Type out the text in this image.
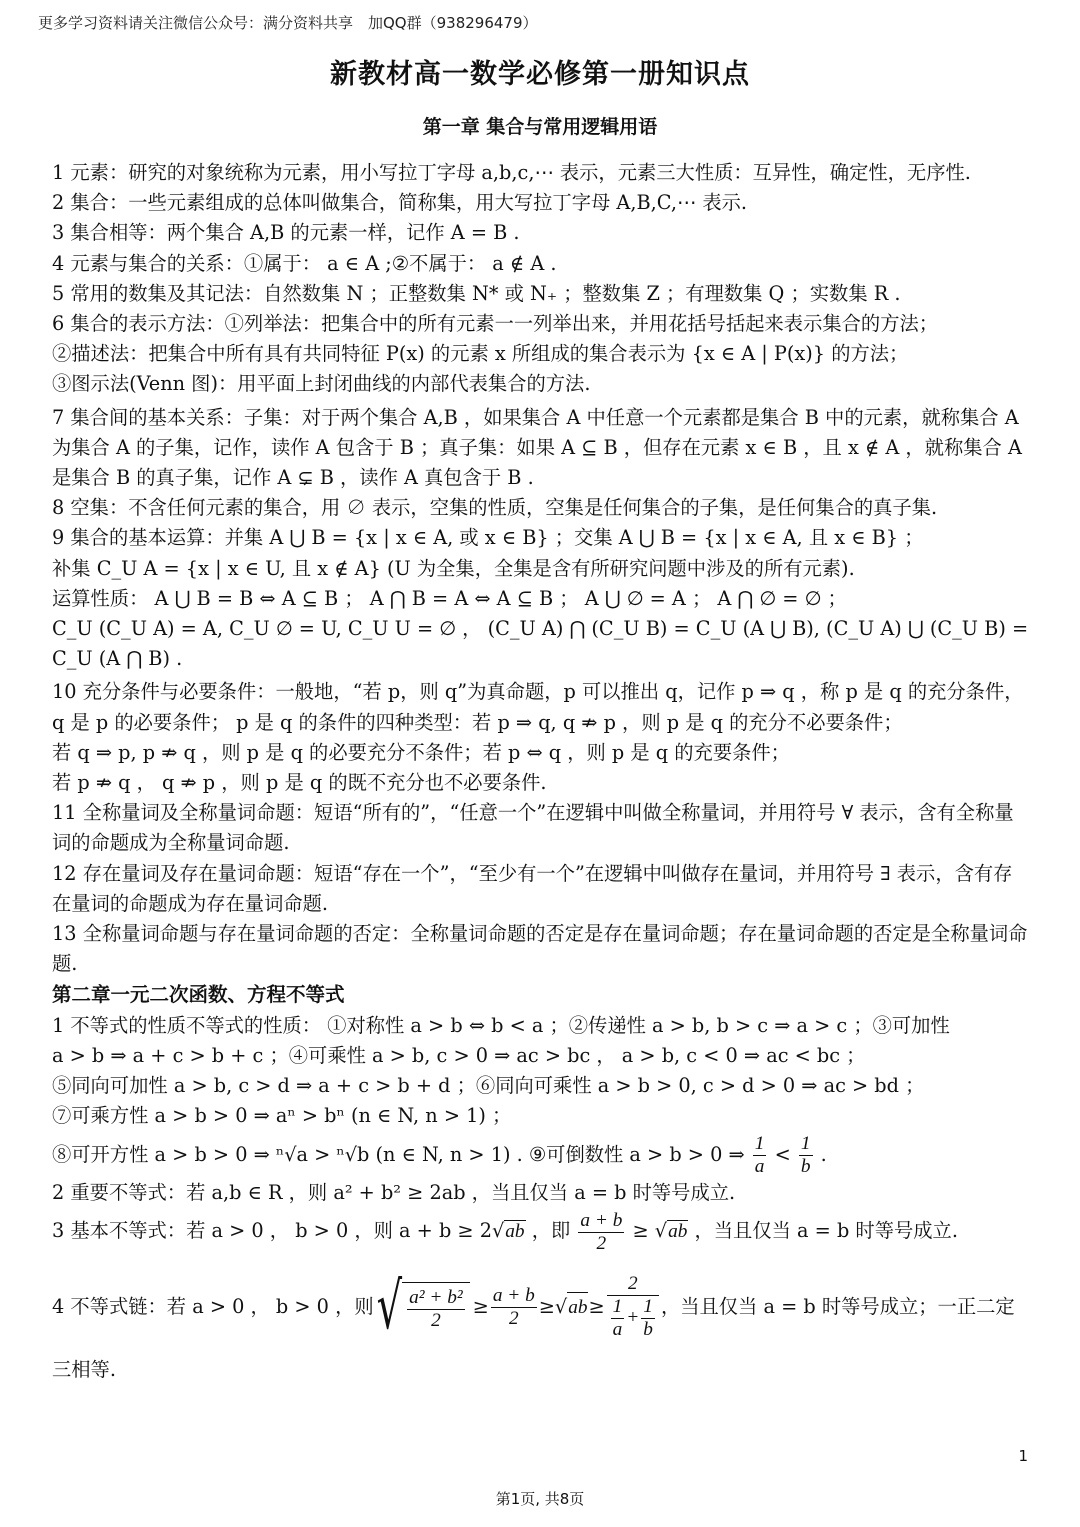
更多学习资料请关注微信公众号：满分资料共享　加QQ群（938296479）
新教材高一数学必修第一册知识点
第一章 集合与常用逻辑用语

1 元素：研究的对象统称为元素，用小写拉丁字母 a,b,c,⋯ 表示，元素三大性质：互异性，确定性，无序性.

2 集合：一些元素组成的总体叫做集合，简称集，用大写拉丁字母 A,B,C,⋯ 表示.

3 集合相等：两个集合 A,B 的元素一样，记作 A = B .

4 元素与集合的关系：①属于： a ∈ A ;②不属于： a ∉ A .

5 常用的数集及其记法：自然数集 N ；正整数集 N* 或 N₊ ；整数集 Z ；有理数集 Q ；实数集 R .

6 集合的表示方法：①列举法：把集合中的所有元素一一列举出来，并用花括号括起来表示集合的方法；

②描述法：把集合中所有具有共同特征 P(x) 的元素 x 所组成的集合表示为 {x ∈ A | P(x)} 的方法；

③图示法(Venn 图)：用平面上封闭曲线的内部代表集合的方法.

7 集合间的基本关系：子集：对于两个集合 A,B ，如果集合 A 中任意一个元素都是集合 B 中的元素，就称集合 A 为集合 A 的子集，记作，读作 A 包含于 B ；真子集：如果 A ⊆ B ，但存在元素 x ∈ B ，且 x ∉ A ，就称集合 A 是集合 B 的真子集，记作 A ⊊ B ，读作 A 真包含于 B .

8 空集：不含任何元素的集合，用 ∅ 表示，空集的性质，空集是任何集合的子集，是任何集合的真子集.

9 集合的基本运算：并集 A ⋃ B = {x | x ∈ A, 或 x ∈ B} ；交集 A ⋃ B = {x | x ∈ A, 且 x ∈ B} ；

补集 C_U A = {x | x ∈ U, 且 x ∉ A} (U 为全集，全集是含有所研究问题中涉及的所有元素).

运算性质： A ⋃ B = B ⇔ A ⊆ B ； A ⋂ B = A ⇔ A ⊆ B ； A ⋃ ∅ = A ； A ⋂ ∅ = ∅ ；

C_U (C_U A) = A, C_U ∅ = U, C_U U = ∅ ， (C_U A) ⋂ (C_U B) = C_U (A ⋃ B), (C_U A) ⋃ (C_U B) = C_U (A ⋂ B) .

10 充分条件与必要条件：一般地，“若 p，则 q”为真命题，p 可以推出 q，记作 p ⇒ q ，称 p 是 q 的充分条件， q 是 p 的必要条件； p 是 q 的条件的四种类型：若 p ⇒ q, q ⇏ p ，则 p 是 q 的充分不必要条件；

若 q ⇒ p, p ⇏ q ，则 p 是 q 的必要充分不条件；若 p ⇔ q ，则 p 是 q 的充要条件；

若 p ⇏ q ， q ⇏ p ，则 p 是 q 的既不充分也不必要条件.

11 全称量词及全称量词命题：短语“所有的”，“任意一个”在逻辑中叫做全称量词，并用符号 ∀ 表示，含有全称量词的命题成为全称量词命题.

12 存在量词及存在量词命题：短语“存在一个”，“至少有一个”在逻辑中叫做存在量词，并用符号 ∃ 表示，含有存在量词的命题成为存在量词命题.

13 全称量词命题与存在量词命题的否定：全称量词命题的否定是存在量词命题；存在量词命题的否定是全称量词命题.

第二章一元二次函数、方程不等式

1 不等式的性质不等式的性质： ①对称性 a > b ⇔ b < a ；②传递性 a > b, b > c ⇒ a > c ；③可加性

a > b ⇒ a + c > b + c ；④可乘性 a > b, c > 0 ⇒ ac > bc ， a > b, c < 0 ⇒ ac < bc ；

⑤同向可加性 a > b, c > d ⇒ a + c > b + d ；⑥同向可乘性 a > b > 0, c > d > 0 ⇒ ac > bd ；

⑦可乘方性 a > b > 0 ⇒ aⁿ > bⁿ (n ∈ N, n > 1) ；

⑧可开方性 a > b > 0 ⇒ ⁿ√a > ⁿ√b (n ∈ N, n > 1) . ⑨可倒数性 a > b > 0 ⇒ $\frac{1}{a} < \frac{1}{b}$ .

2 重要不等式：若 a,b ∈ R ，则 a² + b² ≥ 2ab ，当且仅当 a = b 时等号成立.

3 基本不等式：若 a > 0 ， b > 0 ，则 a + b ≥ 2√ab ，即 $\frac{a + b}{2} \ge √ab$ ，当且仅当 a = b 时等号成立.

4 不等式链：若 a > 0 ， b > 0 ，则 √ $\frac{\text{a² + b²}}{2} \ge \frac{a + b}{2}$ ≥ √ ab ≥ $\frac{2}{\frac{1}{a} + \frac{1}{b}}$ ，当且仅当 a = b 时等号成立；一正二定

三相等.

1
第1页, 共8页
